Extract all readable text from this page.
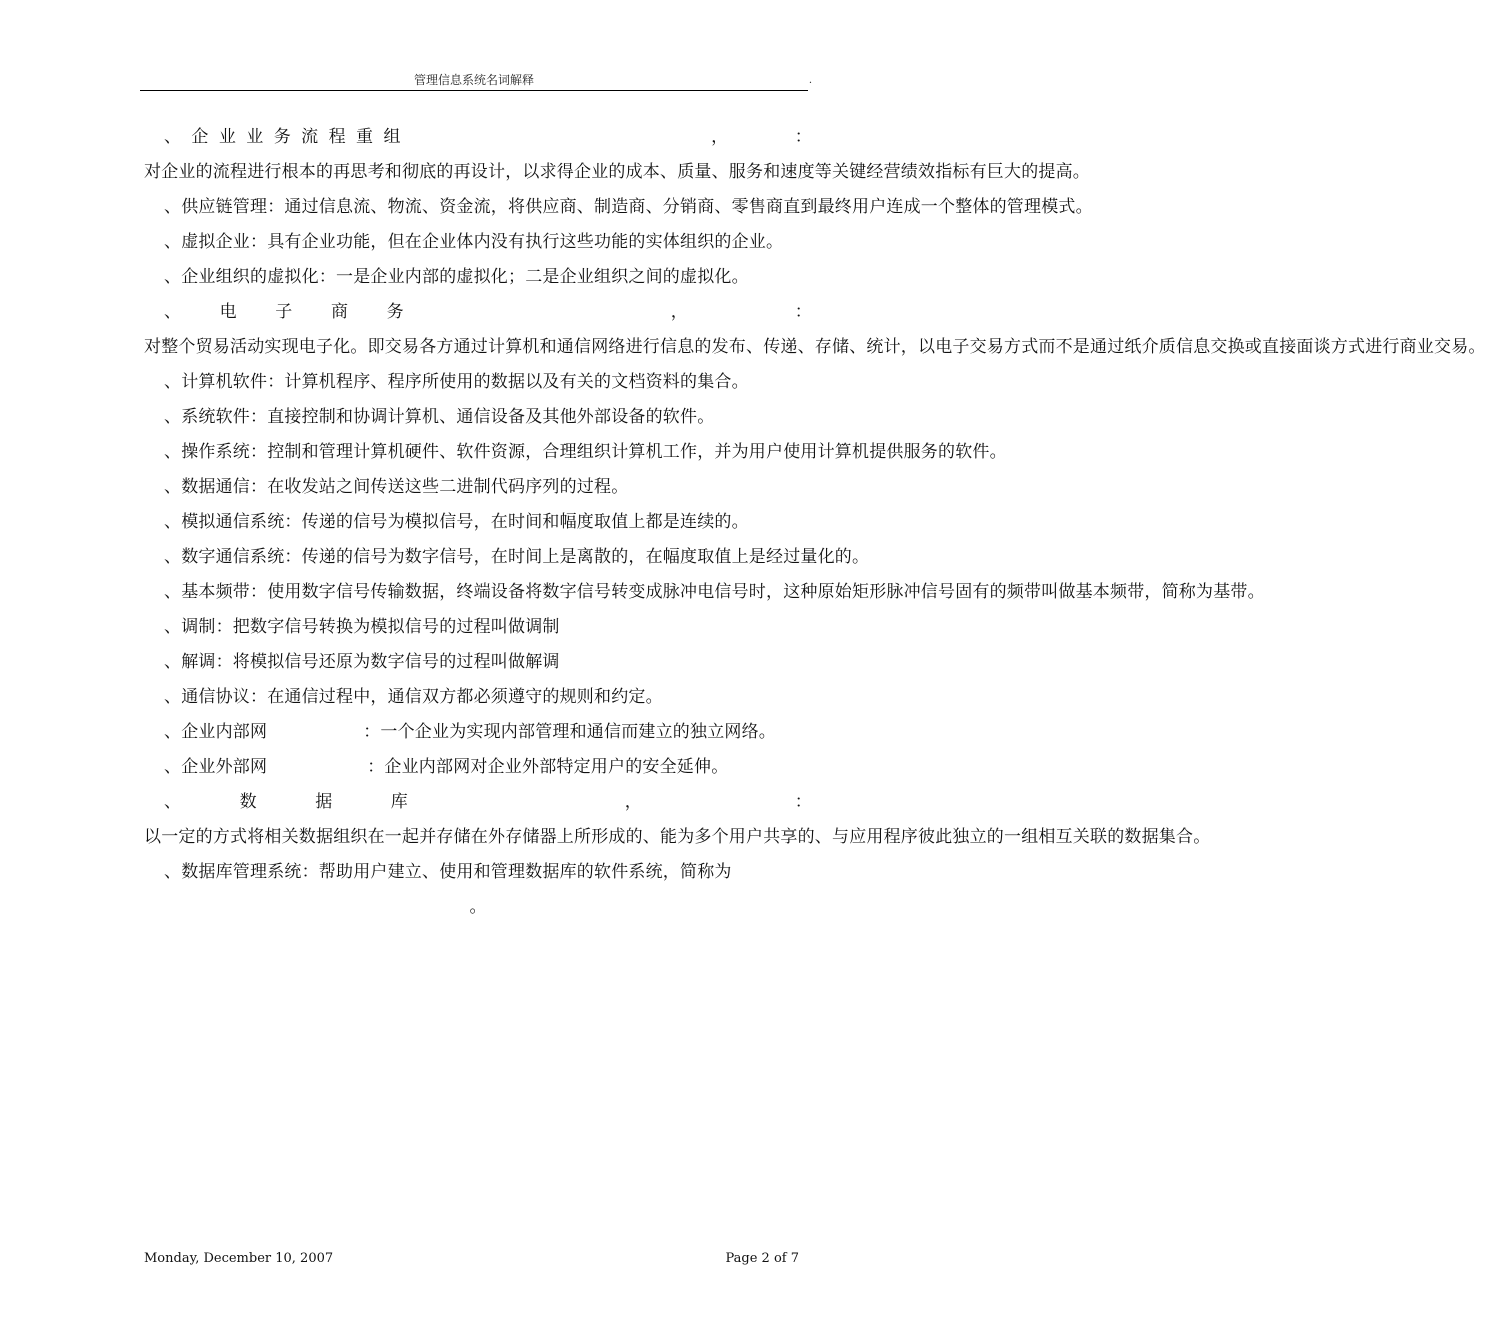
管理信息系统名词解释	.

、企业业务流程重组	，	：对企业的流程进行根本的再思考和彻底的再设计，以求得企业的成本、质量、服务和速度等关键经营绩效指标有巨大的提高。

、供应链管理：通过信息流、物流、资金流，将供应商、制造商、分销商、零售商直到最终用户连成一个整体的管理模式。

、虚拟企业：具有企业功能，但在企业体内没有执行这些功能的实体组织的企业。

、企业组织的虚拟化：一是企业内部的虚拟化；二是企业组织之间的虚拟化。

、电子商务	， ：对整个贸易活动实现电子化。即交易各方通过计算机和通信网络进行信息的发布、传递、存储、统计，以电子交易方式而不是通过纸介质信息交换或直接面谈方式进行商业交易。

、计算机软件：计算机程序、程序所使用的数据以及有关的文档资料的集合。

、系统软件：直接控制和协调计算机、通信设备及其他外部设备的软件。

、操作系统：控制和管理计算机硬件、软件资源，合理组织计算机工作，并为用户使用计算机提供服务的软件。

、数据通信：在收发站之间传送这些二进制代码序列的过程。

、模拟通信系统：传递的信号为模拟信号，在时间和幅度取值上都是连续的。

、数字通信系统：传递的信号为数字信号，在时间上是离散的，在幅度取值上是经过量化的。

、基本频带：使用数字信号传输数据，终端设备将数字信号转变成脉冲电信号时，这种原始矩形脉冲信号固有的频带叫做基本频带，简称为基带。

、调制：把数字信号转换为模拟信号的过程叫做调制

、解调：将模拟信号还原为数字信号的过程叫做解调

、通信协议：在通信过程中，通信双方都必须遵守的规则和约定。

、企业内部网	：一个企业为实现内部管理和通信而建立的独立网络。

、企业外部网	：企业内部网对企业外部特定用户的安全延伸。

、数据库	， ：以一定的方式将相关数据组织在一起并存储在外存储器上所形成的、能为多个用户共享的、与应用程序彼此独立的一组相互关联的数据集合。

、数据库管理系统：帮助用户建立、使用和管理数据库的软件系统，简称为

。

Monday, December 10, 2007	Page 2 of 7
